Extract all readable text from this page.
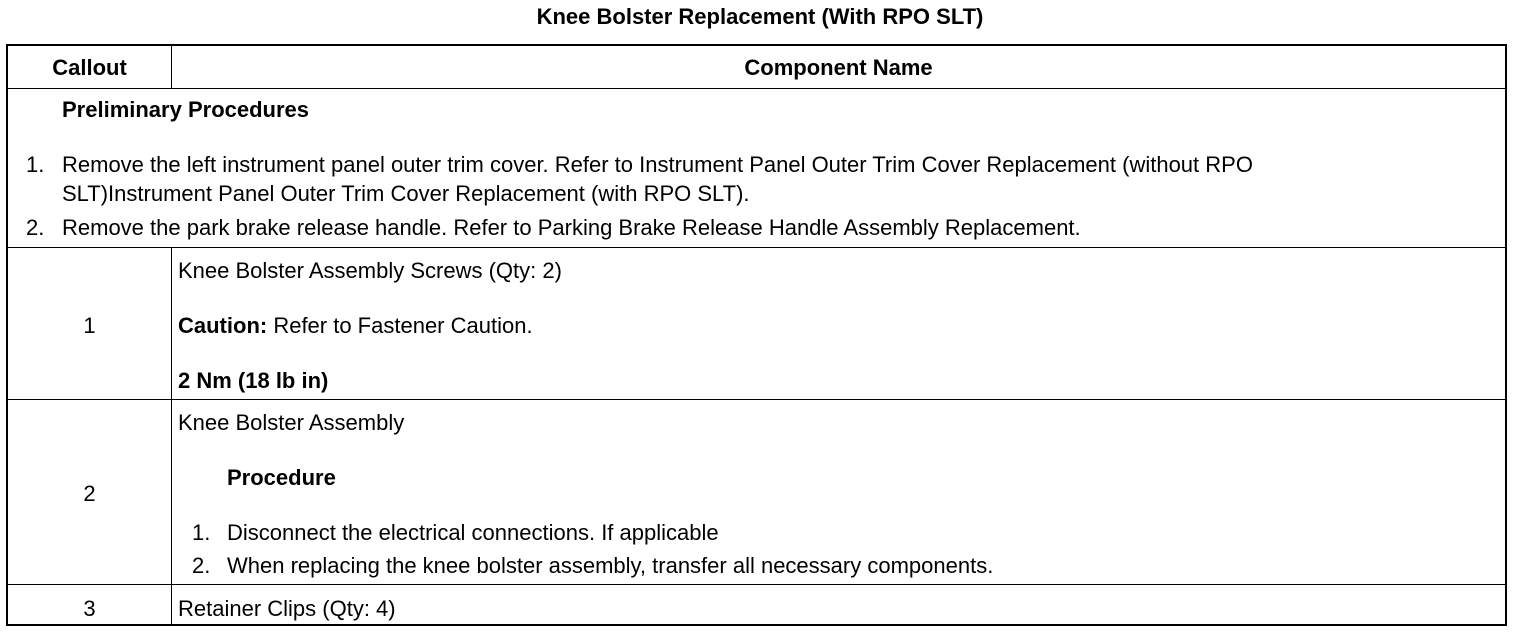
Knee Bolster Replacement (With RPO SLT)
Callout	Component Name
Preliminary Procedures
1. Remove the left instrument panel outer trim cover. Refer to Instrument Panel Outer Trim Cover Replacement (without RPO
SLT)Instrument Panel Outer Trim Cover Replacement (with RPO SLT).
2. Remove the park brake release handle. Refer to Parking Brake Release Handle Assembly Replacement.
1
Knee Bolster Assembly Screws (Qty: 2)
Caution: Refer to Fastener Caution.
2 Nm (18 lb in)
2
Knee Bolster Assembly
Procedure
1. Disconnect the electrical connections. If applicable
2. When replacing the knee bolster assembly, transfer all necessary components.
3	Retainer Clips (Qty: 4)
